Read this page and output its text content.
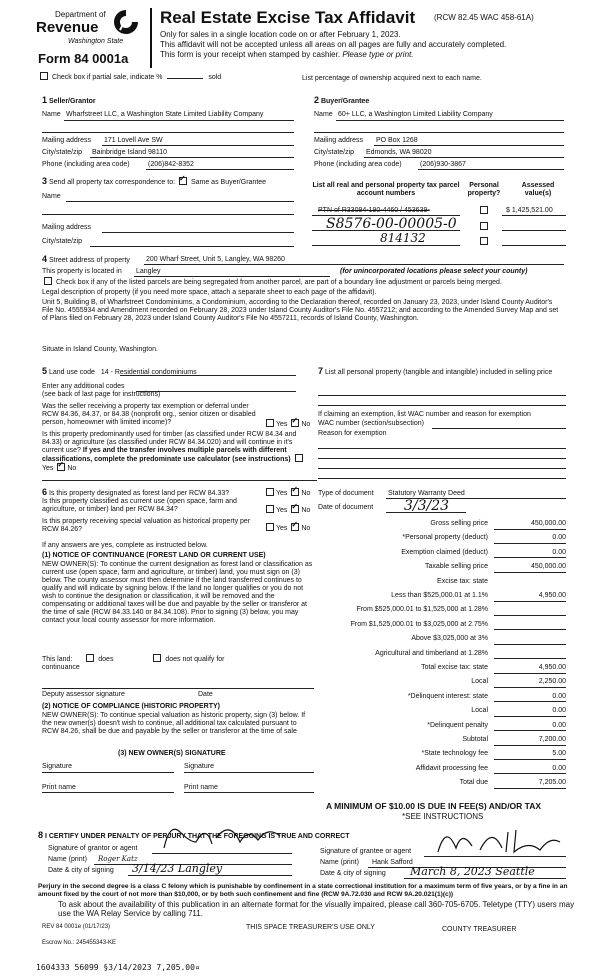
Department of
Revenue
Washington State
Form 84 0001a
Real Estate Excise Tax Affidavit (RCW 82.45 WAC 458-61A)
Only for sales in a single location code on or after February 1, 2023.
This affidavit will not be accepted unless all areas on all pages are fully and accurately completed.
This form is your receipt when stamped by cashier. Please type or print.
Check box if partial sale, indicate %	sold	List percentage of ownership acquired next to each name.
1 Seller/Grantor
Name Wharfstreet LLC, a Washington State Limited Liability Company
Mailing address 171 Lovell Ave SW
City/state/zip Bainbridge Island 98110
Phone (including area code)	(206)842-8352
2 Buyer/Grantee
Name 60+ LLC, a Washington Limited Liability Company
Mailing address PO Box 1268
City/state/zip Edmonds, WA 98020
Phone (including area code)	(206)930-3867
3 Send all property tax correspondence to: ✓ Same as Buyer/Grantee
Name
Mailing address
City/state/zip
List all real and personal property tax parcel account numbers
Personal property?
Assessed value(s)
PTN of R33094-190-4460 / 453639-	$ 1,425,521.00
S8576-00-00005-0
814132
4 Street address of property 200 Wharf Street, Unit 5, Langley, WA 98260
This property is located in Langley	(for unincorporated locations please select your county)
Check box if any of the listed parcels are being segregated from another parcel, are part of a boundary line adjustment or parcels being merged.
Legal description of property (if you need more space, attach a separate sheet to each page of the affidavit).
Unit 5, Building B, of Wharfstreet Condominiums, a Condominium, according to the Declaration thereof, recorded on January 23, 2023, under Island County Auditor's File No. 4555934 and Amendment recorded on February 28, 2023 under Island County Auditor's File No. 4557212; and according to the Amended Survey Map and set of Plans filed on February 28, 2023 under Island County Auditor's File No 4557211, records of Island County, Washington.
Situate in Island County, Washington.
5 Land use code 14 - Residential condominiums
Enter any additional codes
(see back of last page for instructions)
Was the seller receiving a property tax exemption or deferral under RCW 84.36, 84.37, or 84.38 (nonprofit org., senior citizen or disabled person, homeowner with limited income)?	Yes ✓ No
Is this property predominantly used for timber (as classified under RCW 84.34 and 84.33) or agriculture (as classified under RCW 84.34.020) and will continue in it's current use? If yes and the transfer involves multiple parcels with different classifications, complete the predominate use calculator (see instructions) Yes ✓ No
7 List all personal property (tangible and intangible) included in selling price
If claiming an exemption, list WAC number and reason for exemption
WAC number (section/subsection)
Reason for exemption
6 Is this property designated as forest land per RCW 84.33?	Yes ✓ No
Is this property classified as current use (open space, farm and agriculture, or timber) land per RCW 84.34?	Yes ✓ No
Is this property receiving special valuation as historical property per RCW 84.26?	Yes ✓ No
If any answers are yes, complete as instructed below.
(1) NOTICE OF CONTINUANCE (FOREST LAND OR CURRENT USE)
NEW OWNER(S): To continue the current designation as forest land or classification as current use (open space, farm and agriculture, or timber) land, you must sign on (3) below. The county assessor must then determine if the land transferred continues to qualify and will indicate by signing below. If the land no longer qualifies or you do not wish to continue the designation or classification, it will be removed and the compensating or additional taxes will be due and payable by the seller or transferor at the time of sale (RCW 84.33.140 or 84.34.108). Prior to signing (3) below, you may contact your local county assessor for more information.
This land:	does	does not qualify for
continuance
Deputy assessor signature	Date
(2) NOTICE OF COMPLIANCE (HISTORIC PROPERTY)
NEW OWNER(S): To continue special valuation as historic property, sign (3) below. If the new owner(s) doesn't wish to continue, all additional tax calculated pursuant to RCW 84.26, shall be due and payable by the seller or transferor at the time of sale
(3) NEW OWNER(S) SIGNATURE
Signature	Signature
Print name	Print name
Type of document Statutory Warranty Deed
Date of document 3/3/23
Gross selling price	450,000.00
*Personal property (deduct)	0.00
Exemption claimed (deduct)	0.00
Taxable selling price	450,000.00
Excise tax: state
Less than $525,000.01 at 1.1%	4,950.00
From $525,000.01 to $1,525,000 at 1.28%
From $1,525,000.01 to $3,025,000 at 2.75%
Above $3,025,000 at 3%
Agricultural and timberland at 1.28%
Total excise tax: state	4,950.00
Local	2,250.00
*Delinquent interest: state	0.00
Local	0.00
*Delinquent penalty	0.00
Subtotal	7,200.00
*State technology fee	5.00
Affidavit processing fee	0.00
Total due	7,205.00
A MINIMUM OF $10.00 IS DUE IN FEE(S) AND/OR TAX
*SEE INSTRUCTIONS
8 I CERTIFY UNDER PENALTY OF PERJURY THAT THE FOREGOING IS TRUE AND CORRECT
Signature of grantor or agent
Name (print) Roger Katz
Date & city of signing 3/14/23 Langley
Signature of grantee or agent
Name (print) Hank Safford
Date & city of signing March 8, 2023 Seattle
Perjury in the second degree is a class C felony which is punishable by confinement in a state correctional institution for a maximum term of five years, or by a fine in an amount fixed by the court of not more than $10,000, or by both such confinement and fine (RCW 9A.72.030 and RCW 9A.20.021(1)(c))
To ask about the availability of this publication in an alternate format for the visually impaired, please call 360-705-6705. Teletype (TTY) users may use the WA Relay Service by calling 711.
REV 84 0001e (01/17/23)	THIS SPACE TREASURER'S USE ONLY	COUNTY TREASURER
Escrow No.: 245455343-KE
1604333 56099 §3/14/2023 7,205.00¤
